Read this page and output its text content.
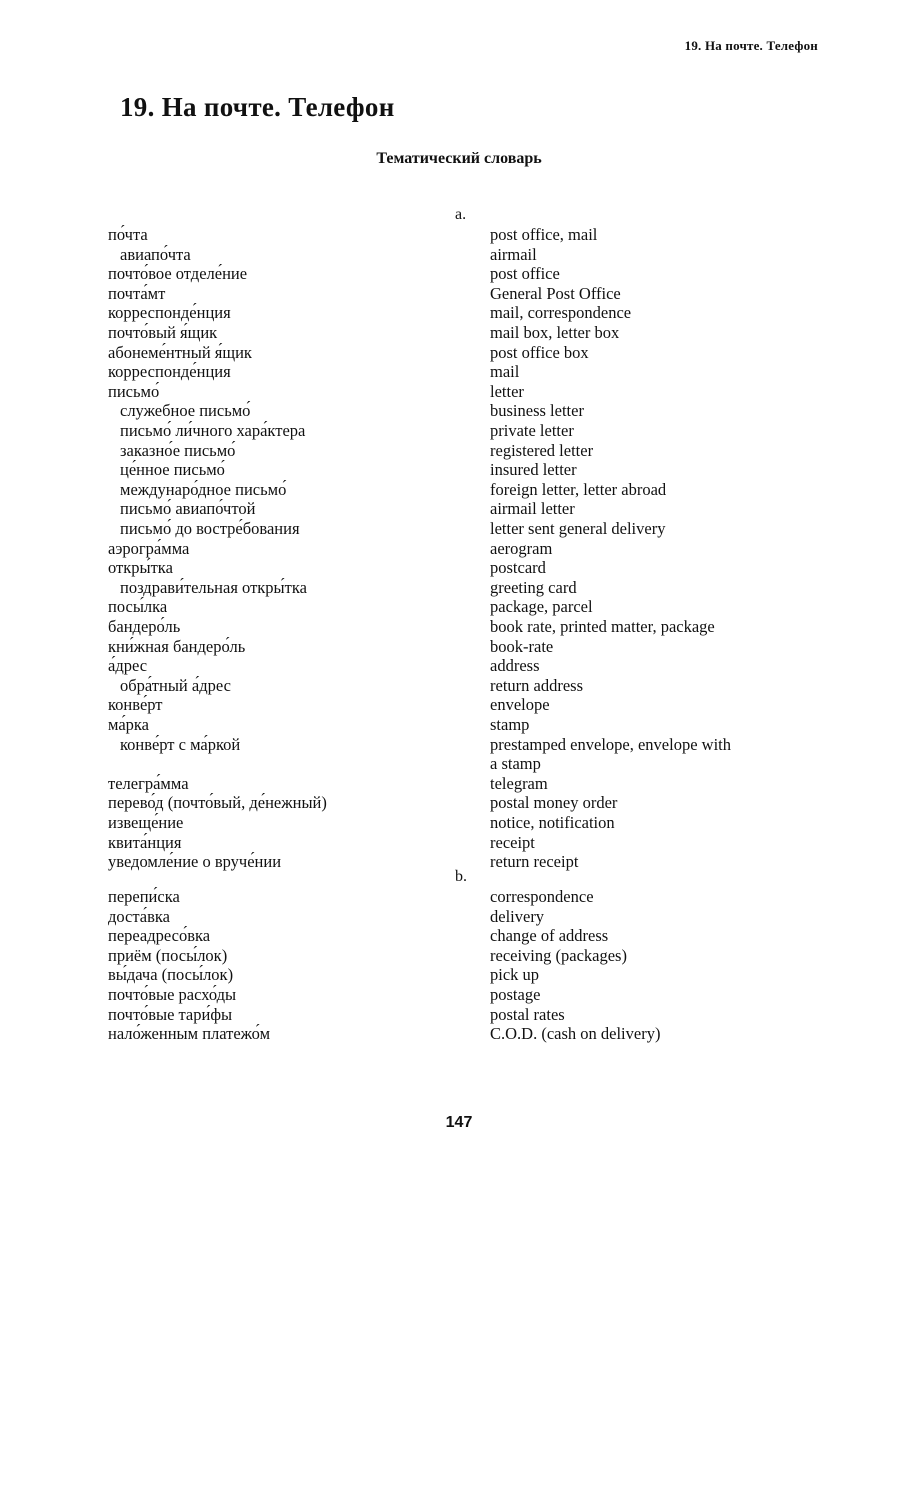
19. На почте. Телефон
19. На почте. Телефон
Тематический словарь
a.
по́чта	post office, mail
авиапо́чта	airmail
почто́вое отделе́ние	post office
почта́мт	General Post Office
корреспонде́нция	mail, correspondence
почто́вый я́щик	mail box, letter box
абонеме́нтный я́щик	post office box
корреспонде́нция	mail
письмо́	letter
служебное письмо́	business letter
письмо́ ли́чного хара́ктера	private letter
заказно́е письмо́	registered letter
це́нное письмо́	insured letter
междунаро́дное письмо́	foreign letter, letter abroad
письмо́ авиапо́чтой	airmail letter
письмо́ до востре́бования	letter sent general delivery
аэрогра́мма	aerogram
откры́тка	postcard
поздрави́тельная откры́тка	greeting card
посы́лка	package, parcel
бандеро́ль	book rate, printed matter, package
кни́жная бандеро́ль	book-rate
а́дрес	address
обра́тный а́дрес	return address
конве́рт	envelope
ма́рка	stamp
конве́рт с ма́ркой	prestamped envelope, envelope with
a stamp
телегра́мма	telegram
перево́д (почто́вый, де́нежный)	postal money order
извеще́ние	notice, notification
квита́нция	receipt
уведомле́ние о вруче́нии	return receipt
b.
перепи́ска	correspondence
доста́вка	delivery
переадресо́вка	change of address
приём (посы́лок)	receiving (packages)
вы́дача (посы́лок)	pick up
почто́вые расхо́ды	postage
почто́вые тари́фы	postal rates
нало́женным платежо́м	C.O.D. (cash on delivery)
147
